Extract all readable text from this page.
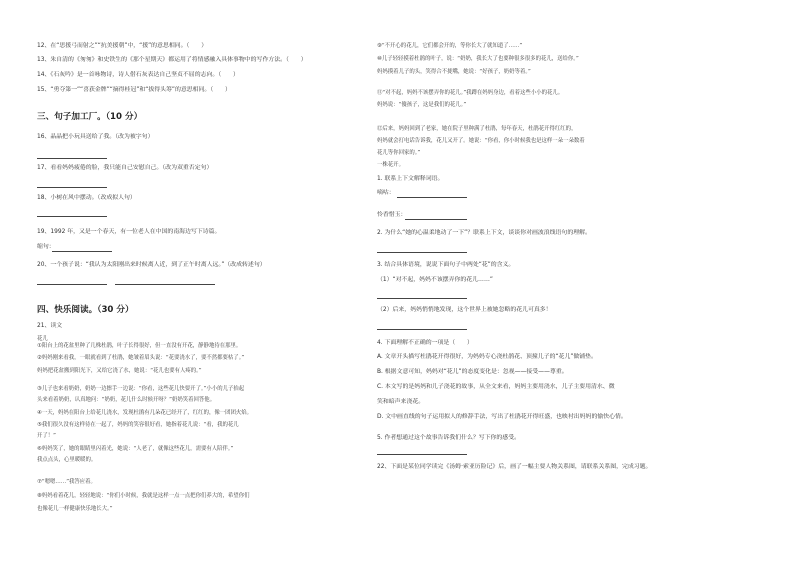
12、在“思援弓而射之”“抗美援朝”中，“援”的意思相同。（　　）
13、朱自清的《匆匆》和史铁生的《那个星期天》都运用了将情感融入具体事物中的写作方法。（　　）
14、《石灰吟》是一首咏物诗，诗人借石灰表达自己坚贞不屈的志向。（　　）
15、“勇夺第一”“喜获金牌”“摘得桂冠”和“拔得头筹”的意思相同。（　　）
三、句子加工厂。（10 分）
16、晶晶把小玩具送给了我。（改为被字句）
17、看看妈妈疲倦的脸，我只能自己安慰自己。（改为双重否定句）
18、小树在风中摆动。（改成拟人句）
19、1992 年，又是一个春天，有一位老人在中国的南海边写下诗篇。
缩句：
20、一个孩子说：“我认为太阳刚出来时候离人近，到了正午时离人远。”（改成转述句）
四、快乐阅读。（30 分）
21、读文
花儿
①阳台上的花盆里种了几株杜鹃，叶子长得很好，但一直没有开花，静静地待在那里。
②妈妈刚来看我，一眼就看到了杜鹃，她皱着眉头说：“花要浇水了，要不然都要枯了。”
妈妈把花盆搬到阳光下，又给它浇了水，她说：“花儿也要有人疼的。”
③儿子也来看奶奶，奶奶一边擦手一边说：“你看，这些花儿快要开了。”小小的儿子抬起
头来看着奶奶，认真地问：“奶奶，花儿什么时候开呀？”奶奶笑着回答他。
④一天，妈妈在阳台上给花儿浇水，发现杜鹃有几朵花已经开了，红红的，像一团团火焰。
⑤我们很久没有这样待在一起了，妈妈的笑容很好看，她指着花儿说：“看，我的花儿
开了！”
⑥妈妈笑了，她的眼睛里闪着光，她说：“人老了，就像这些花儿，需要有人陪伴。”
我点点头，心里暖暖的。
⑦“嗯嗯……”我答应着。
⑧妈妈看着花儿，轻轻地说：“你们小时候，我就是这样一点一点把你们养大的，希望你们
也像花儿一样健康快乐地长大。”
⑨“不开心的花儿，它们都会开的，等你长大了就知道了……”
⑩儿子轻轻摸着杜鹃的叶子，说：“奶奶，我长大了也要种很多很多的花儿，送给你。”
妈妈摸着儿子的头，笑得合不拢嘴，她说：“好孩子，奶奶等着。”
⑪“对不起，妈妈不该摆弄你的花儿。”我蹲在妈妈身边，看着这些小小的花儿。
妈妈说：“傻孩子，这是我们的花儿。”
⑫后来，妈妈回到了老家，她在院子里种满了杜鹃，每年春天，杜鹃花开得红红的，
妈妈就会打电话告诉我，花儿又开了。她说：“你看，你小时候我也是这样一朵一朵数着
花儿等你回家的。”
一株花开。
1. 联系上下文解释词语。
嘀咕：
怜香惜玉：
2. 为什么“她的心温柔地动了一下”？联系上下文，谈谈你对画波浪线语句的理解。
3. 结合具体语境，说说下面句子中两处“花”的含义。
（1）“对不起，妈妈不该摆弄你的花儿……”
（2）后来，妈妈悄悄地发现，这个世界上被她忽略的花儿可真多！
4. 下面理解不正确的一项是（　　）
A. 文章开头描写杜鹃花开得很好，为妈妈专心浇杜鹃花、顶撞儿子的“花儿”做铺垫。
B. 根据文意可知，妈妈对“花儿”的态度变化是：忽视——接受——尊重。
C. 本文写的是妈妈和儿子浇花的故事，从全文来看，妈妈主要用浇水，儿子主要用清水、微
笑和暗声来浇花。
D. 文中画直线的句子运用拟人的修辞手法，写出了杜鹃花开得旺盛，也映衬出妈妈的愉快心情。
5. 作者想通过这个故事告诉我们什么？写下你的感受。
22、下面是某位同学读完《汤姆·索亚历险记》后，画了一幅主要人物关系图，请联系关系图，完成习题。
